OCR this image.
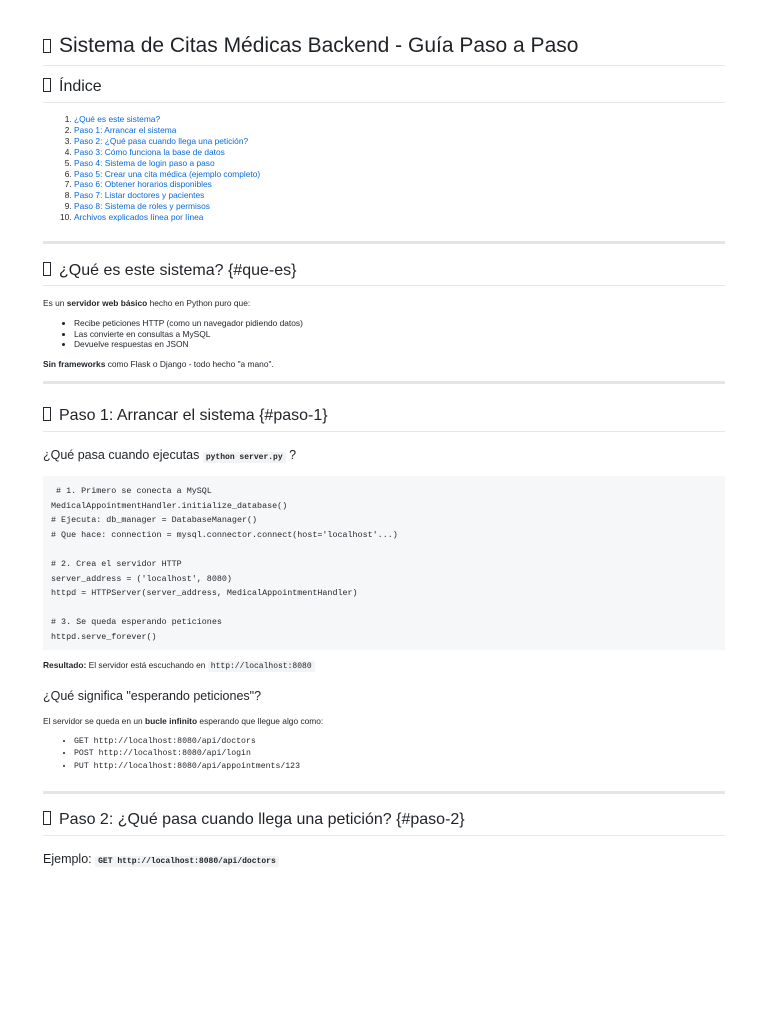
Sistema de Citas Médicas Backend - Guía Paso a Paso
Índice
1. ¿Qué es este sistema?
2. Paso 1: Arrancar el sistema
3. Paso 2: ¿Qué pasa cuando llega una petición?
4. Paso 3: Cómo funciona la base de datos
5. Paso 4: Sistema de login paso a paso
6. Paso 5: Crear una cita médica (ejemplo completo)
7. Paso 6: Obtener horarios disponibles
8. Paso 7: Listar doctores y pacientes
9. Paso 8: Sistema de roles y permisos
10. Archivos explicados línea por línea
¿Qué es este sistema? {#que-es}

Es un servidor web básico hecho en Python puro que:

• Recibe peticiones HTTP (como un navegador pidiendo datos)
• Las convierte en consultas a MySQL
• Devuelve respuestas en JSON

Sin frameworks como Flask o Django - todo hecho "a mano".

Paso 1: Arrancar el sistema {#paso-1}
¿Qué pasa cuando ejecutas python server.py ?
# 1. Primero se conecta a MySQL
MedicalAppointmentHandler.initialize_database()
# Ejecuta: db_manager = DatabaseManager()
# Que hace: connection = mysql.connector.connect(host='localhost'...)

# 2. Crea el servidor HTTP
server_address = ('localhost', 8080)
httpd = HTTPServer(server_address, MedicalAppointmentHandler)

# 3. Se queda esperando peticiones
httpd.serve_forever()

Resultado: El servidor está escuchando en http://localhost:8080

¿Qué significa "esperando peticiones"?

El servidor se queda en un bucle infinito esperando que llegue algo como:

• GET http://localhost:8080/api/doctors
• POST http://localhost:8080/api/login
• PUT http://localhost:8080/api/appointments/123
Paso 2: ¿Qué pasa cuando llega una petición? {#paso-2}
Ejemplo: GET http://localhost:8080/api/doctors
